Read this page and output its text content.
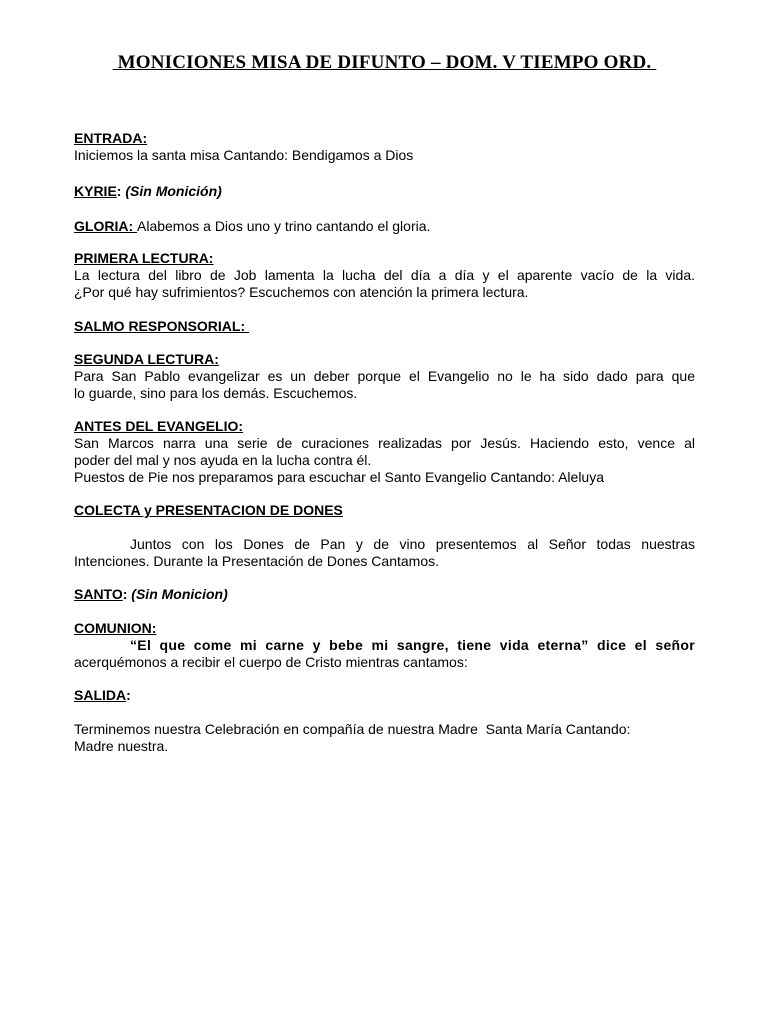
MONICIONES MISA DE DIFUNTO – DOM. V TIEMPO ORD.
ENTRADA:
Iniciemos la santa misa Cantando: Bendigamos a Dios
KYRIE: (Sin Monición)
GLORIA: Alabemos a Dios uno y trino cantando el gloria.
PRIMERA LECTURA:
La lectura del libro de Job lamenta la lucha del día a día y el aparente vacío de la vida.
¿Por qué hay sufrimientos? Escuchemos con atención la primera lectura.
SALMO RESPONSORIAL:
SEGUNDA LECTURA:
Para San Pablo evangelizar es un deber porque el Evangelio no le ha sido dado para que
lo guarde, sino para los demás. Escuchemos.
ANTES DEL EVANGELIO:
San Marcos narra una serie de curaciones realizadas por Jesús. Haciendo esto, vence al
poder del mal y nos ayuda en la lucha contra él.
Puestos de Pie nos preparamos para escuchar el Santo Evangelio Cantando: Aleluya
COLECTA y PRESENTACION DE DONES
Juntos con los Dones de Pan y de vino presentemos al Señor todas nuestras
Intenciones. Durante la Presentación de Dones Cantamos.
SANTO: (Sin Monicion)
COMUNION:
“El que come mi carne y bebe mi sangre, tiene vida eterna” dice el señor
acerquémonos a recibir el cuerpo de Cristo mientras cantamos:
SALIDA:
Terminemos nuestra Celebración en compañía de nuestra Madre  Santa María Cantando:
Madre nuestra.
